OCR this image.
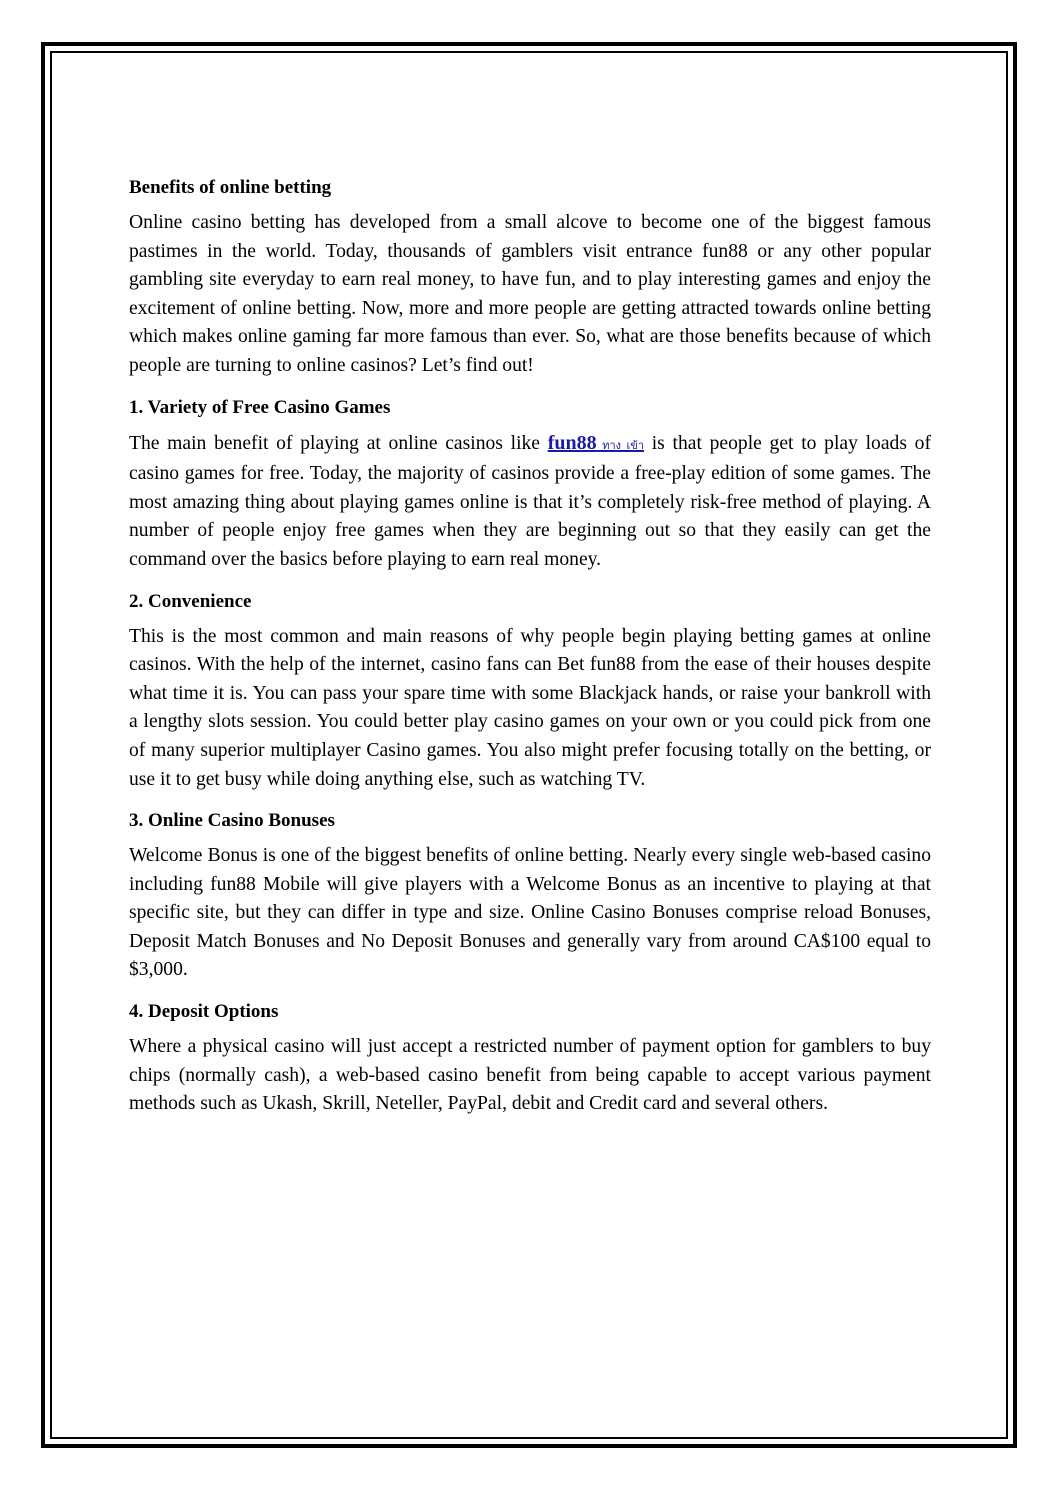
Benefits of online betting

Online casino betting has developed from a small alcove to become one of the biggest famous pastimes in the world. Today, thousands of gamblers visit entrance fun88 or any other popular gambling site everyday to earn real money, to have fun, and to play interesting games and enjoy the excitement of online betting. Now, more and more people are getting attracted towards online betting which makes online gaming far more famous than ever. So, what are those benefits because of which people are turning to online casinos? Let’s find out!

1. Variety of Free Casino Games

The main benefit of playing at online casinos like fun88 ทาง เข้า is that people get to play loads of casino games for free. Today, the majority of casinos provide a free-play edition of some games. The most amazing thing about playing games online is that it’s completely risk-free method of playing. A number of people enjoy free games when they are beginning out so that they easily can get the command over the basics before playing to earn real money.

2. Convenience

This is the most common and main reasons of why people begin playing betting games at online casinos. With the help of the internet, casino fans can Bet fun88 from the ease of their houses despite what time it is. You can pass your spare time with some Blackjack hands, or raise your bankroll with a lengthy slots session. You could better play casino games on your own or you could pick from one of many superior multiplayer Casino games. You also might prefer focusing totally on the betting, or use it to get busy while doing anything else, such as watching TV.

3. Online Casino Bonuses

Welcome Bonus is one of the biggest benefits of online betting. Nearly every single web-based casino including fun88 Mobile will give players with a Welcome Bonus as an incentive to playing at that specific site, but they can differ in type and size. Online Casino Bonuses comprise reload Bonuses, Deposit Match Bonuses and No Deposit Bonuses and generally vary from around CA$100 equal to $3,000.

4. Deposit Options

Where a physical casino will just accept a restricted number of payment option for gamblers to buy chips (normally cash), a web-based casino benefit from being capable to accept various payment methods such as Ukash, Skrill, Neteller, PayPal, debit and Credit card and several others.
